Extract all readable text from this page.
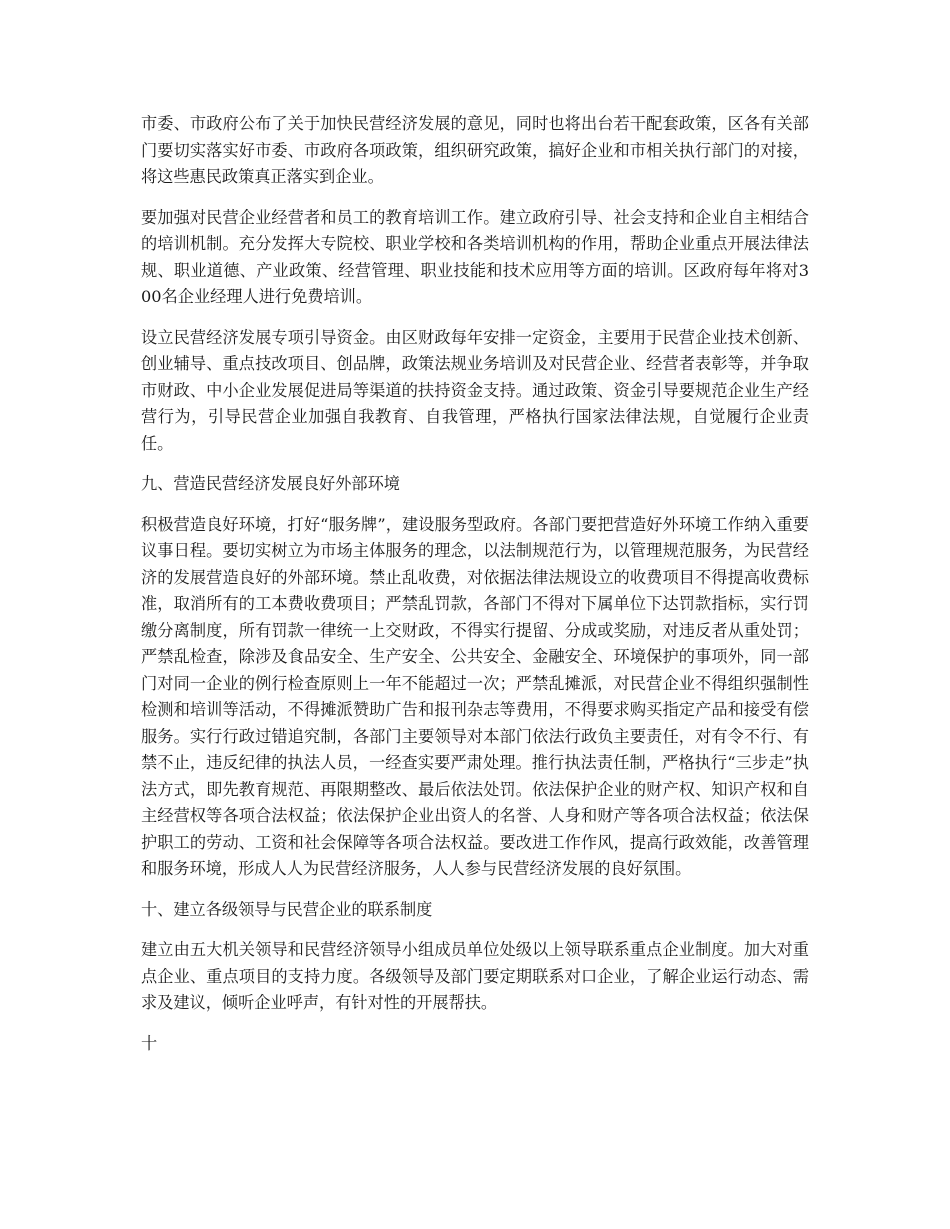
市委、市政府公布了关于加快民营经济发展的意见，同时也将出台若干配套政策，区各有关部门要切实落实好市委、市政府各项政策，组织研究政策，搞好企业和市相关执行部门的对接，将这些惠民政策真正落实到企业。

要加强对民营企业经营者和员工的教育培训工作。建立政府引导、社会支持和企业自主相结合的培训机制。充分发挥大专院校、职业学校和各类培训机构的作用，帮助企业重点开展法律法规、职业道德、产业政策、经营管理、职业技能和技术应用等方面的培训。区政府每年将对300名企业经理人进行免费培训。

设立民营经济发展专项引导资金。由区财政每年安排一定资金，主要用于民营企业技术创新、创业辅导、重点技改项目、创品牌，政策法规业务培训及对民营企业、经营者表彰等，并争取市财政、中小企业发展促进局等渠道的扶持资金支持。通过政策、资金引导要规范企业生产经营行为，引导民营企业加强自我教育、自我管理，严格执行国家法律法规，自觉履行企业责任。

九、营造民营经济发展良好外部环境

积极营造良好环境，打好“服务牌”，建设服务型政府。各部门要把营造好外环境工作纳入重要议事日程。要切实树立为市场主体服务的理念，以法制规范行为，以管理规范服务，为民营经济的发展营造良好的外部环境。禁止乱收费，对依据法律法规设立的收费项目不得提高收费标准，取消所有的工本费收费项目；严禁乱罚款，各部门不得对下属单位下达罚款指标，实行罚缴分离制度，所有罚款一律统一上交财政，不得实行提留、分成或奖励，对违反者从重处罚；严禁乱检查，除涉及食品安全、生产安全、公共安全、金融安全、环境保护的事项外，同一部门对同一企业的例行检查原则上一年不能超过一次；严禁乱摊派，对民营企业不得组织强制性检测和培训等活动，不得摊派赞助广告和报刊杂志等费用，不得要求购买指定产品和接受有偿服务。实行行政过错追究制，各部门主要领导对本部门依法行政负主要责任，对有令不行、有禁不止，违反纪律的执法人员，一经查实要严肃处理。推行执法责任制，严格执行“三步走”执法方式，即先教育规范、再限期整改、最后依法处罚。依法保护企业的财产权、知识产权和自主经营权等各项合法权益；依法保护企业出资人的名誉、人身和财产等各项合法权益；依法保护职工的劳动、工资和社会保障等各项合法权益。要改进工作作风，提高行政效能，改善管理和服务环境，形成人人为民营经济服务，人人参与民营经济发展的良好氛围。

十、建立各级领导与民营企业的联系制度

建立由五大机关领导和民营经济领导小组成员单位处级以上领导联系重点企业制度。加大对重点企业、重点项目的支持力度。各级领导及部门要定期联系对口企业，了解企业运行动态、需求及建议，倾听企业呼声，有针对性的开展帮扶。

十
